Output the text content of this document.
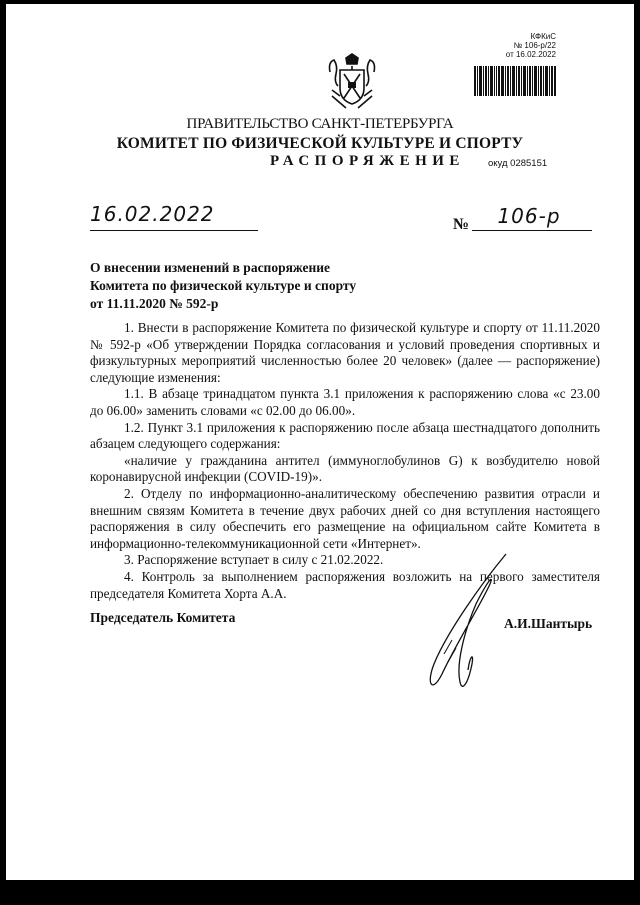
КФКиС
№ 106-р/22
от 16.02.2022
ПРАВИТЕЛЬСТВО САНКТ-ПЕТЕРБУРГА
КОМИТЕТ ПО ФИЗИЧЕСКОЙ КУЛЬТУРЕ И СПОРТУ
РАСПОРЯЖЕНИЕ окуд 0285151
16.02.2022	№	106-р
О внесении изменений в распоряжение
Комитета по физической культуре и спорту
от 11.11.2020 № 592-р

1. Внести в распоряжение Комитета по физической культуре и спорту от 11.11.2020 № 592-р «Об утверждении Порядка согласования и условий проведения спортивных и физкультурных мероприятий численностью более 20 человек» (далее — распоряжение) следующие изменения:

1.1. В абзаце тринадцатом пункта 3.1 приложения к распоряжению слова «с 23.00 до 06.00» заменить словами «с 02.00 до 06.00».

1.2. Пункт 3.1 приложения к распоряжению после абзаца шестнадцатого дополнить абзацем следующего содержания:

«наличие у гражданина антител (иммуноглобулинов G) к возбудителю новой коронавирусной инфекции (COVID-19)».

2. Отделу по информационно-аналитическому обеспечению развития отрасли и внешним связям Комитета в течение двух рабочих дней со дня вступления настоящего распоряжения в силу обеспечить его размещение на официальном сайте Комитета в информационно-телекоммуникационной сети «Интернет».

3. Распоряжение вступает в силу с 21.02.2022.

4. Контроль за выполнением распоряжения возложить на первого заместителя председателя Комитета Хорта А.А.

Председатель Комитета	А.И.Шантырь
